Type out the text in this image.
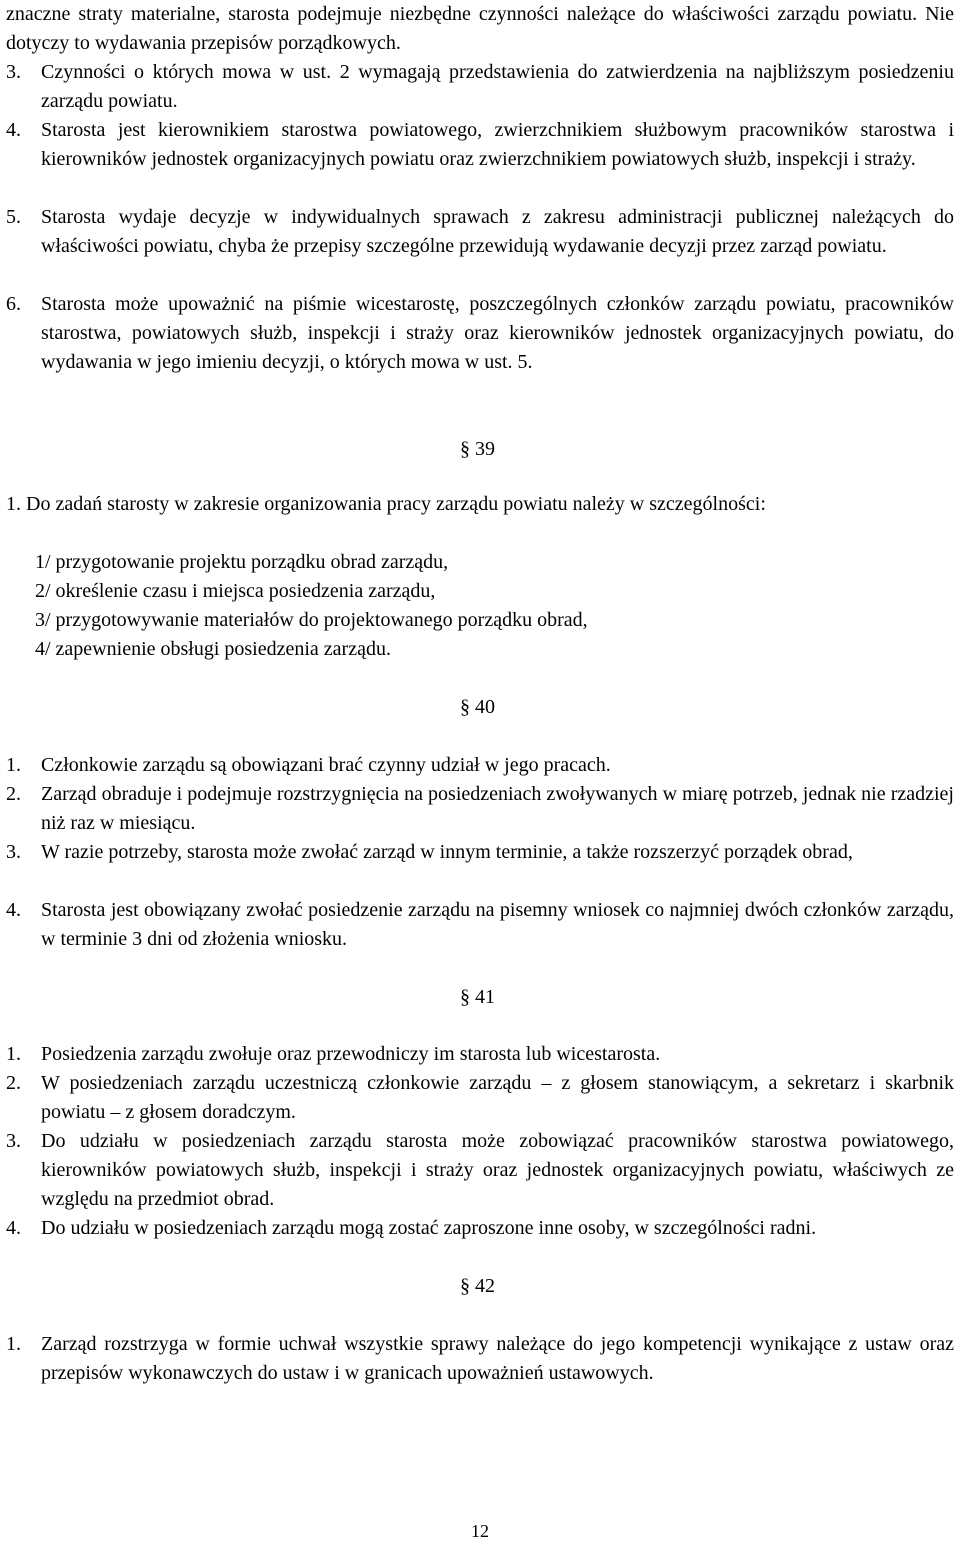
znaczne straty materialne, starosta podejmuje niezbędne czynności należące do właściwości zarządu powiatu. Nie dotyczy to wydawania przepisów porządkowych.
3. Czynności o których mowa w ust. 2 wymagają przedstawienia do zatwierdzenia na najbliższym posiedzeniu zarządu powiatu.
4. Starosta jest kierownikiem starostwa powiatowego, zwierzchnikiem służbowym pracowników starostwa i kierowników jednostek organizacyjnych powiatu oraz zwierzchnikiem powiatowych służb, inspekcji i straży.
5. Starosta wydaje decyzje w indywidualnych sprawach z zakresu administracji publicznej należących do właściwości powiatu, chyba że przepisy szczególne przewidują wydawanie decyzji przez zarząd powiatu.
6. Starosta może upoważnić na piśmie wicestarostę, poszczególnych członków zarządu powiatu, pracowników starostwa, powiatowych służb, inspekcji i straży oraz kierowników jednostek organizacyjnych powiatu, do wydawania w jego imieniu decyzji, o których mowa w ust. 5.
§ 39
1. Do zadań starosty w zakresie organizowania pracy zarządu powiatu należy w szczególności:
1/ przygotowanie projektu porządku obrad zarządu,
2/ określenie czasu i miejsca posiedzenia zarządu,
3/ przygotowywanie materiałów do projektowanego porządku obrad,
4/ zapewnienie obsługi posiedzenia zarządu.
§ 40
1. Członkowie zarządu są obowiązani brać czynny udział w jego pracach.
2. Zarząd obraduje i podejmuje rozstrzygnięcia na posiedzeniach zwoływanych w miarę potrzeb, jednak nie rzadziej niż raz w miesiącu.
3. W razie potrzeby, starosta może zwołać zarząd w innym terminie, a także rozszerzyć porządek obrad,
4. Starosta jest obowiązany zwołać posiedzenie zarządu na pisemny wniosek co najmniej dwóch członków zarządu, w terminie 3 dni od złożenia wniosku.
§ 41
1. Posiedzenia zarządu zwołuje oraz przewodniczy im starosta lub wicestarosta.
2. W posiedzeniach zarządu uczestniczą członkowie zarządu – z głosem stanowiącym, a sekretarz i skarbnik powiatu – z głosem doradczym.
3. Do udziału w posiedzeniach zarządu starosta może zobowiązać pracowników starostwa powiatowego, kierowników powiatowych służb, inspekcji i straży oraz jednostek organizacyjnych powiatu, właściwych ze względu na przedmiot obrad.
4. Do udziału w posiedzeniach zarządu mogą zostać zaproszone inne osoby, w szczególności radni.
§ 42
1. Zarząd rozstrzyga w formie uchwał wszystkie sprawy należące do jego kompetencji wynikające z ustaw oraz przepisów wykonawczych do ustaw i w granicach upoważnień ustawowych.
12
